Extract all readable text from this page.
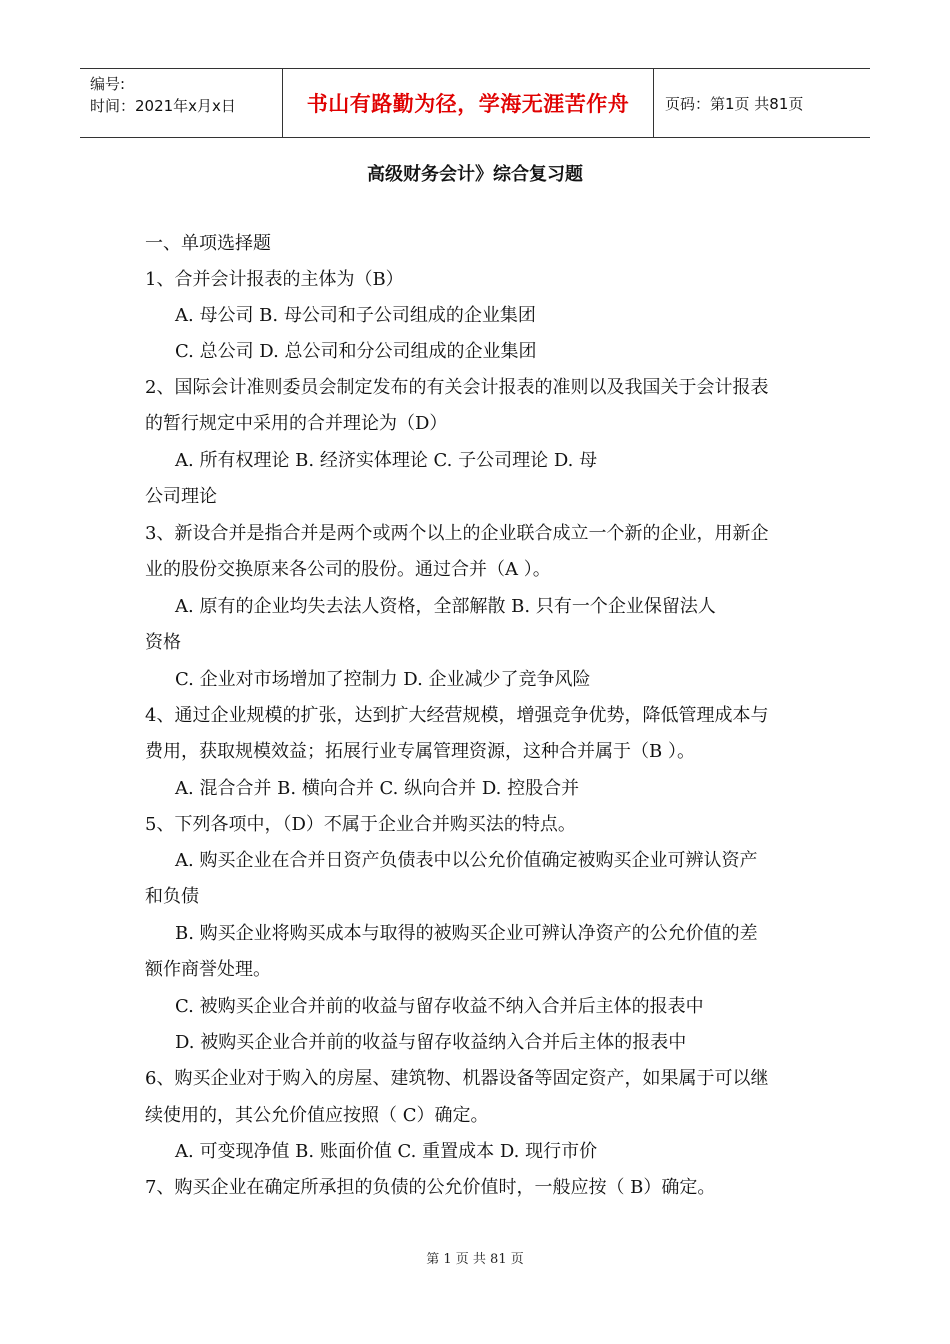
编号:
时间：2021年x月x日	书山有路勤为径，学海无涯苦作舟	页码：第1页 共81页
高级财务会计》综合复习题
一、单项选择题
1、合并会计报表的主体为（B）
A. 母公司 B. 母公司和子公司组成的企业集团
C. 总公司 D. 总公司和分公司组成的企业集团
2、国际会计准则委员会制定发布的有关会计报表的准则以及我国关于会计报表
的暂行规定中采用的合并理论为（D）
A. 所有权理论 B. 经济实体理论 C. 子公司理论 D. 母
公司理论
3、新设合并是指合并是两个或两个以上的企业联合成立一个新的企业，用新企
业的股份交换原来各公司的股份。通过合并（A ）。
A. 原有的企业均失去法人资格，全部解散 B. 只有一个企业保留法人
资格
C. 企业对市场增加了控制力 D. 企业减少了竞争风险
4、通过企业规模的扩张，达到扩大经营规模，增强竞争优势，降低管理成本与
费用，获取规模效益；拓展行业专属管理资源，这种合并属于（B ）。
A. 混合合并 B. 横向合并 C. 纵向合并 D. 控股合并
5、下列各项中，（D）不属于企业合并购买法的特点。
A. 购买企业在合并日资产负债表中以公允价值确定被购买企业可辨认资产
和负债
B. 购买企业将购买成本与取得的被购买企业可辨认净资产的公允价值的差
额作商誉处理。
C. 被购买企业合并前的收益与留存收益不纳入合并后主体的报表中
D. 被购买企业合并前的收益与留存收益纳入合并后主体的报表中
6、购买企业对于购入的房屋、建筑物、机器设备等固定资产，如果属于可以继
续使用的，其公允价值应按照（ C）确定。
A. 可变现净值 B. 账面价值 C. 重置成本 D. 现行市价
7、购买企业在确定所承担的负债的公允价值时，一般应按（ B）确定。
第 1 页 共 81 页
